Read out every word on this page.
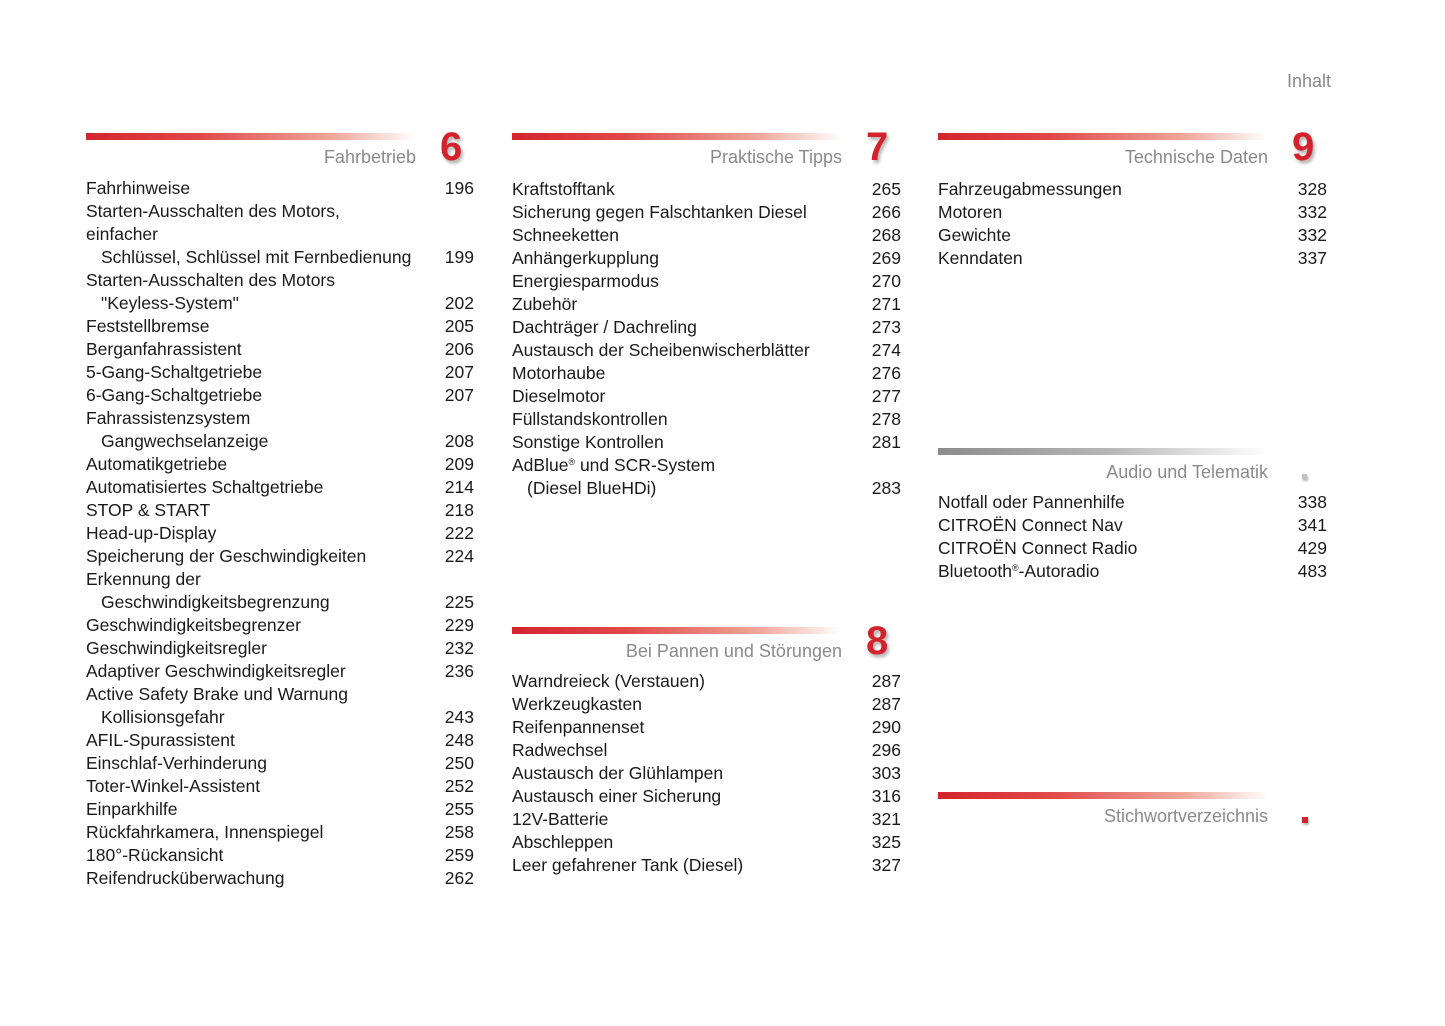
Inhalt
Fahrbetrieb 6
Fahrhinweise	196
Starten-Ausschalten des Motors, einfacher
Schlüssel, Schlüssel mit Fernbedienung	199
Starten-Ausschalten des Motors
"Keyless-System"	202
Feststellbremse	205
Berganfahrassistent	206
5-Gang-Schaltgetriebe	207
6-Gang-Schaltgetriebe	207
Fahrassistenzsystem
Gangwechselanzeige	208
Automatikgetriebe	209
Automatisiertes Schaltgetriebe	214
STOP & START	218
Head-up-Display	222
Speicherung der Geschwindigkeiten	224
Erkennung der
Geschwindigkeitsbegrenzung	225
Geschwindigkeitsbegrenzer	229
Geschwindigkeitsregler	232
Adaptiver Geschwindigkeitsregler	236
Active Safety Brake und Warnung
Kollisionsgefahr	243
AFIL-Spurassistent	248
Einschlaf-Verhinderung	250
Toter-Winkel-Assistent	252
Einparkhilfe	255
Rückfahrkamera, Innenspiegel	258
180°-Rückansicht	259
Reifendrucküberwachung	262
Praktische Tipps 7
Kraftstofftank	265
Sicherung gegen Falschtanken Diesel	266
Schneeketten	268
Anhängerkupplung	269
Energiesparmodus	270
Zubehör	271
Dachträger / Dachreling	273
Austausch der Scheibenwischerblätter	274
Motorhaube	276
Dieselmotor	277
Füllstandskontrollen	278
Sonstige Kontrollen	281
AdBlue® und SCR-System
(Diesel BlueHDi)	283
Bei Pannen und Störungen 8
Warndreieck (Verstauen)	287
Werkzeugkasten	287
Reifenpannenset	290
Radwechsel	296
Austausch der Glühlampen	303
Austausch einer Sicherung	316
12V-Batterie	321
Abschleppen	325
Leer gefahrener Tank (Diesel)	327
Technische Daten 9
Fahrzeugabmessungen	328
Motoren	332
Gewichte	332
Kenndaten	337
Audio und Telematik
Notfall oder Pannenhilfe	338
CITROËN Connect Nav	341
CITROËN Connect Radio	429
Bluetooth®-Autoradio	483
Stichwortverzeichnis
